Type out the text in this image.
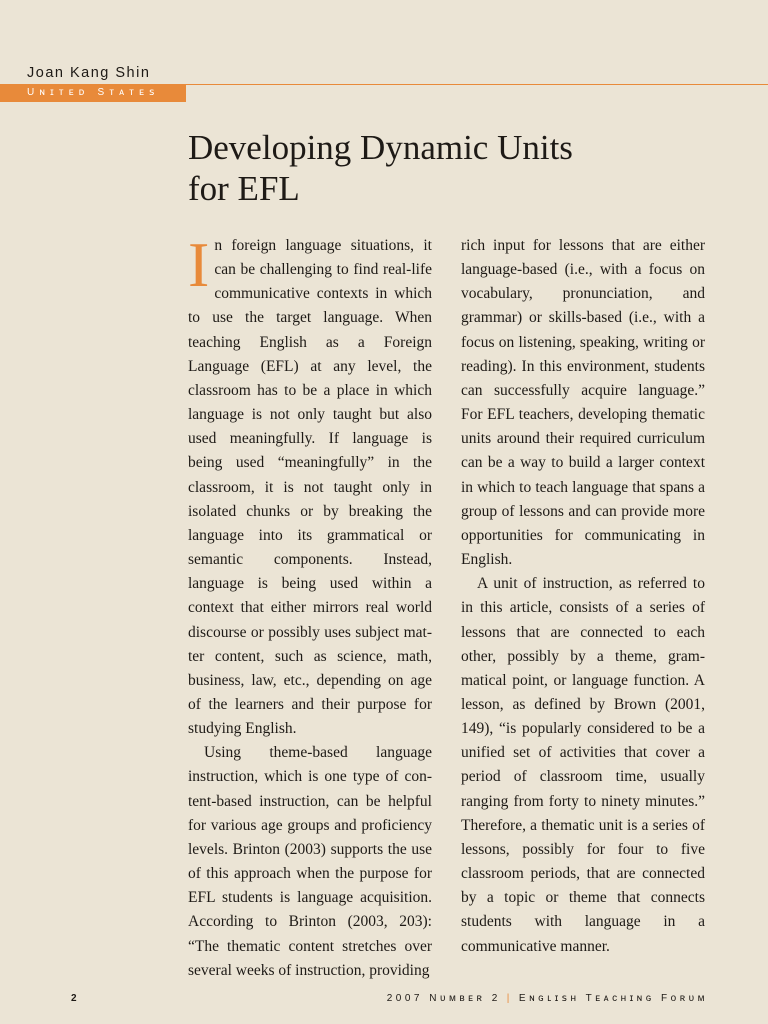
Joan Kang Shin
Uɴɪᴛᴇᴅ Sᴛᴀᴛᴇꜱ
Developing Dynamic Units
for EFL

In foreign language situations, it can be challenging to find real-life communicative contexts in which to use the target language. When teaching English as a Foreign Language (EFL) at any level, the classroom has to be a place in which language is not only taught but also used meaningfully. If language is being used “meaningfully” in the classroom, it is not taught only in isolated chunks or by breaking the language into its grammatical or semantic components. Instead, language is being used within a context that either mirrors real world discourse or possibly uses subject matter content, such as science, math, business, law, etc., depending on age of the learners and their purpose for studying English.

Using theme-based language instruction, which is one type of content-based instruction, can be helpful for various age groups and proficiency levels. Brinton (2003) supports the use of this approach when the purpose for EFL students is language acquisition. According to Brinton (2003, 203): “The thematic content stretches over several weeks of instruction, providing

rich input for lessons that are either language-based (i.e., with a focus on vocabulary, pronunciation, and grammar) or skills-based (i.e., with a focus on listening, speaking, writing or reading). In this environment, students can successfully acquire language.” For EFL teachers, developing thematic units around their required curriculum can be a way to build a larger context in which to teach language that spans a group of lessons and can provide more opportunities for communicating in English.

A unit of instruction, as referred to in this article, consists of a series of lessons that are connected to each other, possibly by a theme, grammatical point, or language function. A lesson, as defined by Brown (2001, 149), “is popularly considered to be a unified set of activities that cover a period of classroom time, usually ranging from forty to ninety minutes.” Therefore, a thematic unit is a series of lessons, possibly for four to five classroom periods, that are connected by a topic or theme that connects students with language in a communicative manner.

2	2007 Nᴜᴍʙᴇʀ 2 | Eɴɢʟɪꜱʜ Tᴇᴀᴄʜɪɴɢ Fᴏʀᴜᴍ
